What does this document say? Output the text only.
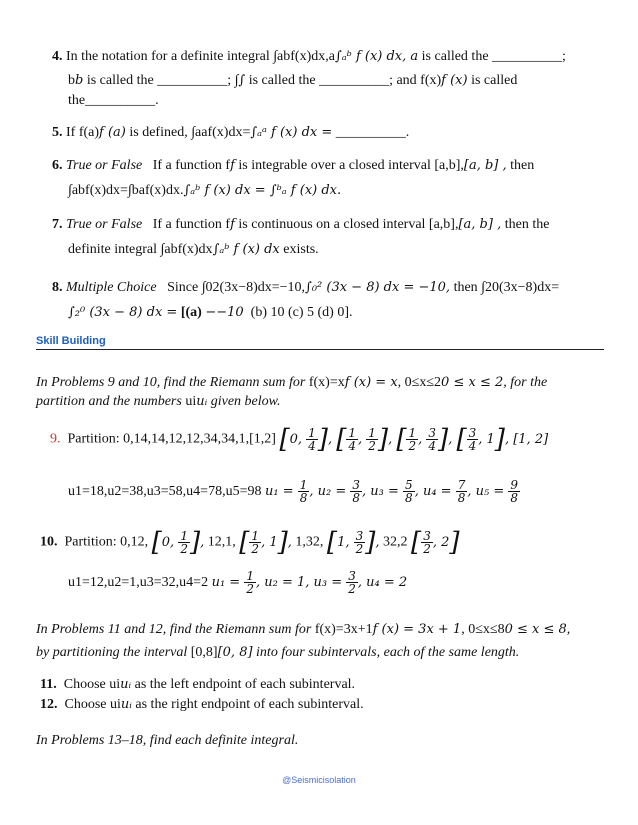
4. In the notation for a definite integral ∫abf(x)dx,a∫ₐᵇ f (x) dx, a is called the __________;
bb is called the __________; ∫∫ is called the __________; and f(x)f (x) is called
the__________.
5. If f(a)f (a) is defined, ∫aaf(x)dx=∫ₐᵃ f (x) dx = __________.
6. True or False If a function ff is integrable over a closed interval [a,b],[a, b] , then
∫abf(x)dx=∫baf(x)dx.∫ₐᵇ f (x) dx = ∫ᵇₐ f (x) dx.
7. True or False If a function ff is continuous on a closed interval [a,b],[a, b] , then the
definite integral ∫abf(x)dx∫ₐᵇ f (x) dx exists.
8. Multiple Choice Since ∫02(3x−8)dx=−10,∫₀² (3x − 8) dx = −10, then ∫20(3x−8)dx=
∫₂⁰ (3x − 8) dx = [(a) −−10 (b) 10 (c) 5 (d) 0].
Skill Building
In Problems 9 and 10, find the Riemann sum for f(x)=xf (x) = x, 0≤x≤20 ≤ x ≤ 2, for the
partition and the numbers uiuᵢ given below.
9. Partition: 0,14,14,12,12,34,34,1,[1,2] [0, $\frac{1}{4}$ ], [ $\frac{1}{4}$ , $\frac{1}{2}$ ], [ $\frac{1}{2}$ , $\frac{3}{4}$ ], [ $\frac{3}{4}$ , 1], [1, 2]
u1=18,u2=38,u3=58,u4=78,u5=98 $u_1 = \frac{1}{8}$ , $u_2 = \frac{3}{8}$ , $u_3 = \frac{5}{8}$ , $u_4 = \frac{7}{8}$ , $u_5 = \frac{9}{8}$
10. Partition: 0,12, [0, $\frac{1}{2}$ ], 12,1, [ $\frac{1}{2}$ , 1], 1,32, [1, $\frac{3}{2}$ ], 32,2 [ $\frac{3}{2}$ , 2]
u1=12,u2=1,u3=32,u4=2 $u_1 = \frac{1}{2}$ , u₂ = 1, $u_3 = \frac{3}{2}$ , u₄ = 2
In Problems 11 and 12, find the Riemann sum for f(x)=3x+1f (x) = 3x + 1, 0≤x≤80 ≤ x ≤ 8,
by partitioning the interval [0,8][0, 8] into four subintervals, each of the same length.
11. Choose uiuᵢ as the left endpoint of each subinterval.
12. Choose uiuᵢ as the right endpoint of each subinterval.
In Problems 13–18, find each definite integral.
@Seismicisolation
